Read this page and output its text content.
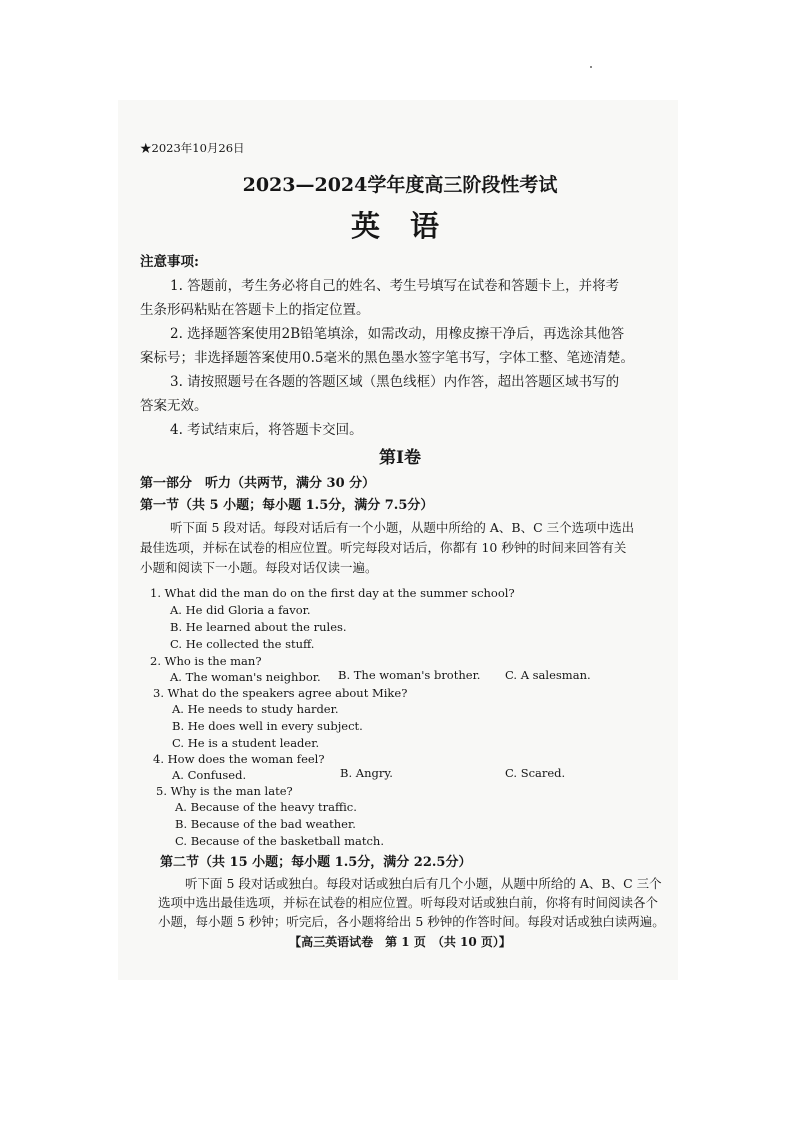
★2023年10月26日
2023—2024学年度高三阶段性考试
英 语
注意事项:
1. 答题前，考生务必将自己的姓名、考生号填写在试卷和答题卡上，并将考
生条形码粘贴在答题卡上的指定位置。
2. 选择题答案使用2B铅笔填涂，如需改动，用橡皮擦干净后，再选涂其他答
案标号；非选择题答案使用0.5毫米的黑色墨水签字笔书写，字体工整、笔迹清楚。
3. 请按照题号在各题的答题区域（黑色线框）内作答，超出答题区域书写的
答案无效。
4. 考试结束后，将答题卡交回。
第Ⅰ卷
第一部分　听力（共两节，满分 30 分）
第一节（共 5 小题；每小题 1.5分，满分 7.5分）
听下面 5 段对话。每段对话后有一个小题，从题中所给的 A、B、C 三个选项中选出
最佳选项，并标在试卷的相应位置。听完每段对话后，你都有 10 秒钟的时间来回答有关
小题和阅读下一小题。每段对话仅读一遍。
1. What did the man do on the first day at the summer school?
A. He did Gloria a favor.
B. He learned about the rules.
C. He collected the stuff.
2. Who is the man?
A. The woman's neighbor. B. The woman's brother. C. A salesman.
3. What do the speakers agree about Mike?
A. He needs to study harder.
B. He does well in every subject.
C. He is a student leader.
4. How does the woman feel?
A. Confused.	B. Angry.	C. Scared.
5. Why is the man late?
A. Because of the heavy traffic.
B. Because of the bad weather.
C. Because of the basketball match.
第二节（共 15 小题；每小题 1.5分，满分 22.5分）
听下面 5 段对话或独白。每段对话或独白后有几个小题，从题中所给的 A、B、C 三个
选项中选出最佳选项，并标在试卷的相应位置。听每段对话或独白前，你将有时间阅读各个
小题，每小题 5 秒钟；听完后，各小题将给出 5 秒钟的作答时间。每段对话或独白读两遍。
【高三英语试卷　第 1 页　（共 10 页）】
